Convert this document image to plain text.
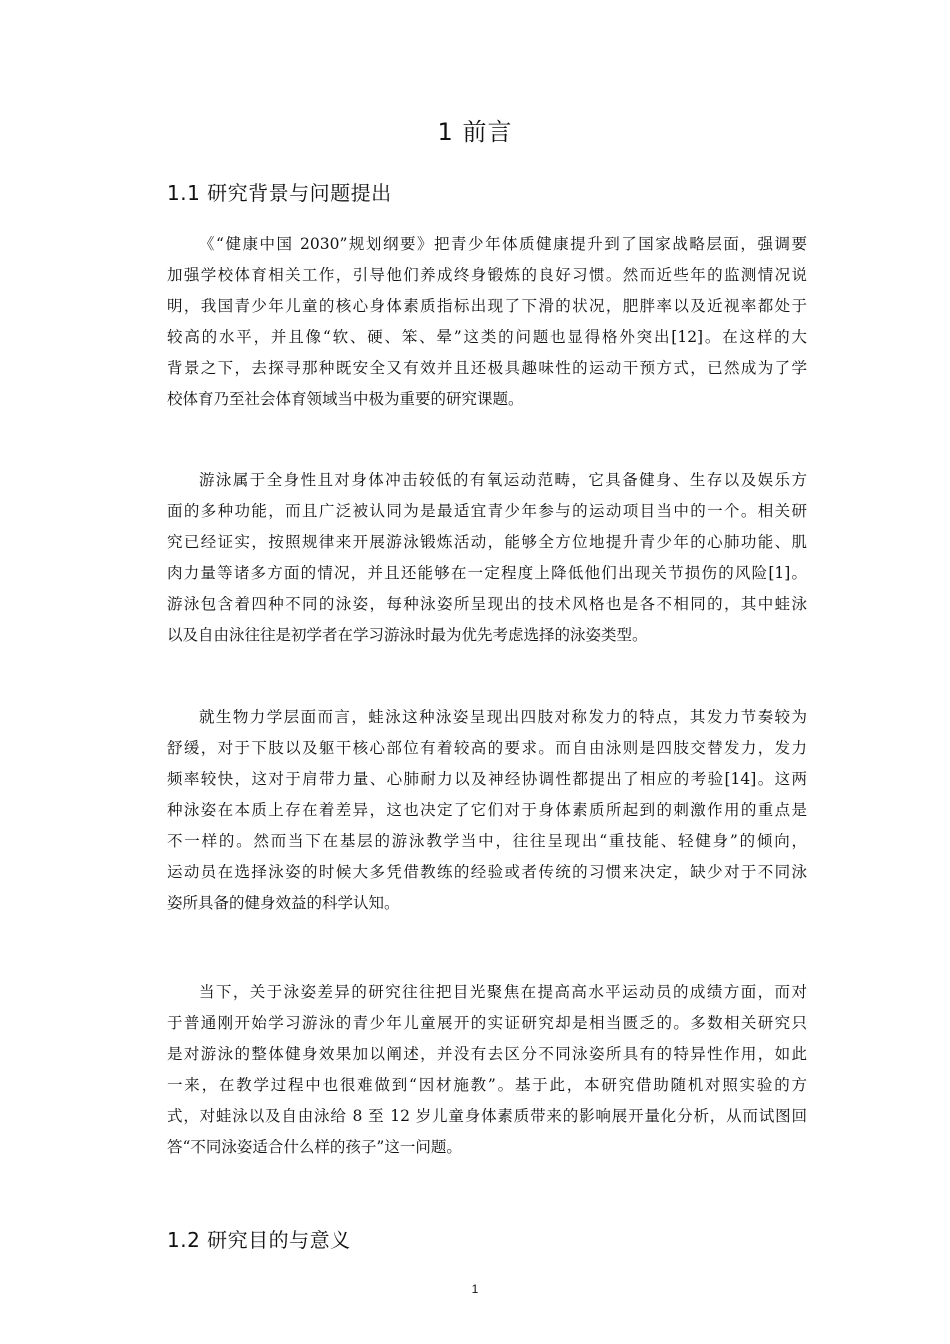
1 前言
1.1 研究背景与问题提出
《“健康中国 2030”规划纲要》把青少年体质健康提升到了国家战略层面，强调要
加强学校体育相关工作，引导他们养成终身锻炼的良好习惯。然而近些年的监测情况说
明，我国青少年儿童的核心身体素质指标出现了下滑的状况，肥胖率以及近视率都处于
较高的水平，并且像“软、硬、笨、晕”这类的问题也显得格外突出[12]。在这样的大
背景之下，去探寻那种既安全又有效并且还极具趣味性的运动干预方式，已然成为了学
校体育乃至社会体育领域当中极为重要的研究课题。
游泳属于全身性且对身体冲击较低的有氧运动范畴，它具备健身、生存以及娱乐方
面的多种功能，而且广泛被认同为是最适宜青少年参与的运动项目当中的一个。相关研
究已经证实，按照规律来开展游泳锻炼活动，能够全方位地提升青少年的心肺功能、肌
肉力量等诸多方面的情况，并且还能够在一定程度上降低他们出现关节损伤的风险[1]。
游泳包含着四种不同的泳姿，每种泳姿所呈现出的技术风格也是各不相同的，其中蛙泳
以及自由泳往往是初学者在学习游泳时最为优先考虑选择的泳姿类型。
就生物力学层面而言，蛙泳这种泳姿呈现出四肢对称发力的特点，其发力节奏较为
舒缓，对于下肢以及躯干核心部位有着较高的要求。而自由泳则是四肢交替发力，发力
频率较快，这对于肩带力量、心肺耐力以及神经协调性都提出了相应的考验[14]。这两
种泳姿在本质上存在着差异，这也决定了它们对于身体素质所起到的刺激作用的重点是
不一样的。然而当下在基层的游泳教学当中，往往呈现出“重技能、轻健身”的倾向，
运动员在选择泳姿的时候大多凭借教练的经验或者传统的习惯来决定，缺少对于不同泳
姿所具备的健身效益的科学认知。
当下，关于泳姿差异的研究往往把目光聚焦在提高高水平运动员的成绩方面，而对
于普通刚开始学习游泳的青少年儿童展开的实证研究却是相当匮乏的。多数相关研究只
是对游泳的整体健身效果加以阐述，并没有去区分不同泳姿所具有的特异性作用，如此
一来，在教学过程中也很难做到“因材施教”。基于此，本研究借助随机对照实验的方
式，对蛙泳以及自由泳给 8 至 12 岁儿童身体素质带来的影响展开量化分析，从而试图回
答“不同泳姿适合什么样的孩子”这一问题。
1.2 研究目的与意义
1
